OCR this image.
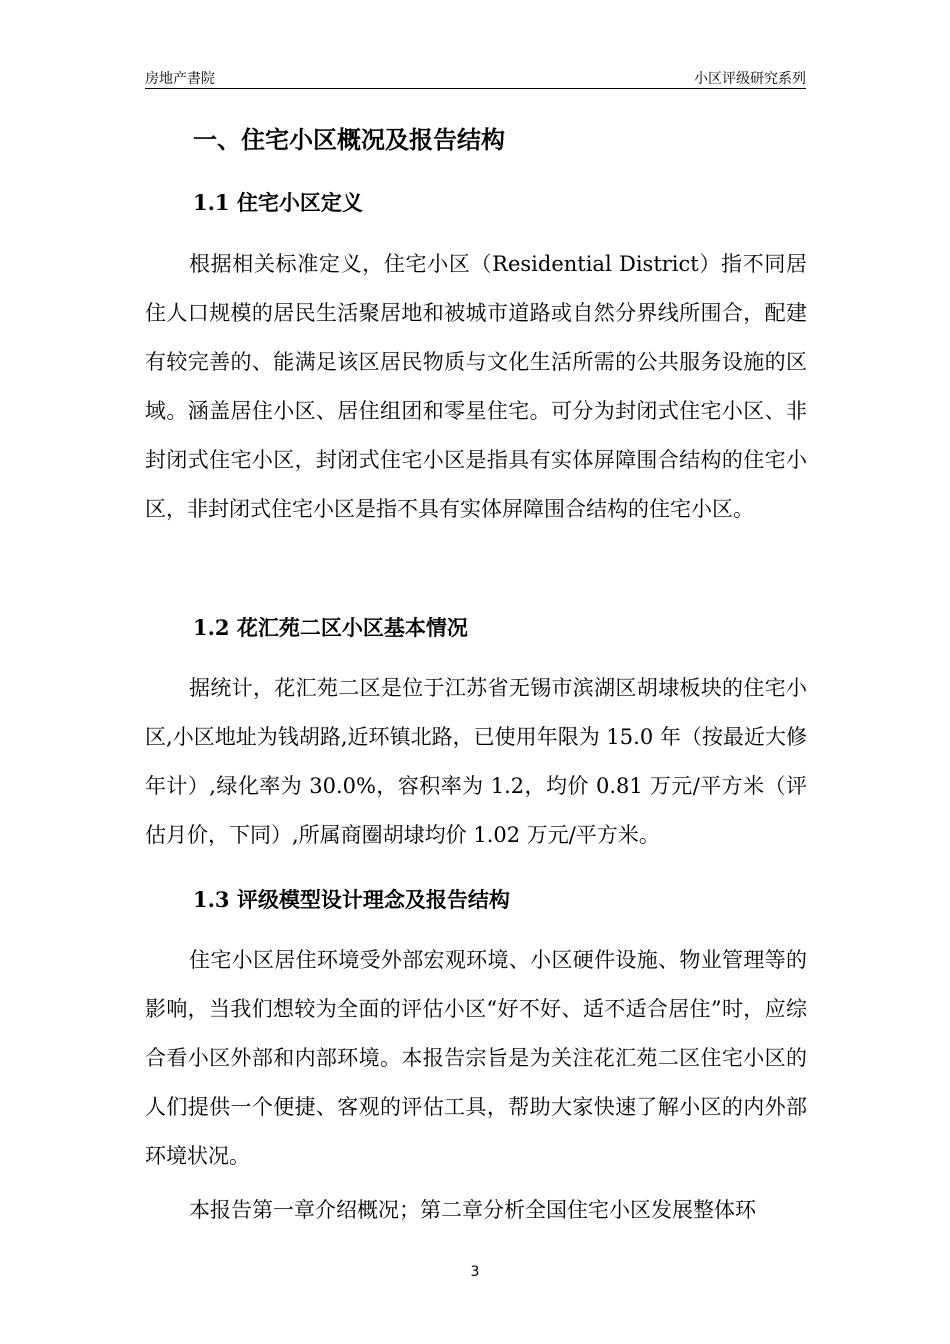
房地产書院	小区评级研究系列
一、住宅小区概况及报告结构
1.1 住宅小区定义

根据相关标准定义，住宅小区（Residential District）指不同居住人口规模的居民生活聚居地和被城市道路或自然分界线所围合，配建有较完善的、能满足该区居民物质与文化生活所需的公共服务设施的区域。涵盖居住小区、居住组团和零星住宅。可分为封闭式住宅小区、非封闭式住宅小区，封闭式住宅小区是指具有实体屏障围合结构的住宅小区，非封闭式住宅小区是指不具有实体屏障围合结构的住宅小区。

1.2 花汇苑二区小区基本情况

据统计，花汇苑二区是位于江苏省无锡市滨湖区胡埭板块的住宅小区,小区地址为钱胡路,近环镇北路，已使用年限为 15.0 年（按最近大修年计）,绿化率为 30.0%，容积率为 1.2，均价 0.81 万元/平方米（评估月价，下同）,所属商圈胡埭均价 1.02 万元/平方米。

1.3 评级模型设计理念及报告结构

住宅小区居住环境受外部宏观环境、小区硬件设施、物业管理等的影响，当我们想较为全面的评估小区“好不好、适不适合居住”时，应综合看小区外部和内部环境。本报告宗旨是为关注花汇苑二区住宅小区的人们提供一个便捷、客观的评估工具，帮助大家快速了解小区的内外部环境状况。

本报告第一章介绍概况；第二章分析全国住宅小区发展整体环

3
